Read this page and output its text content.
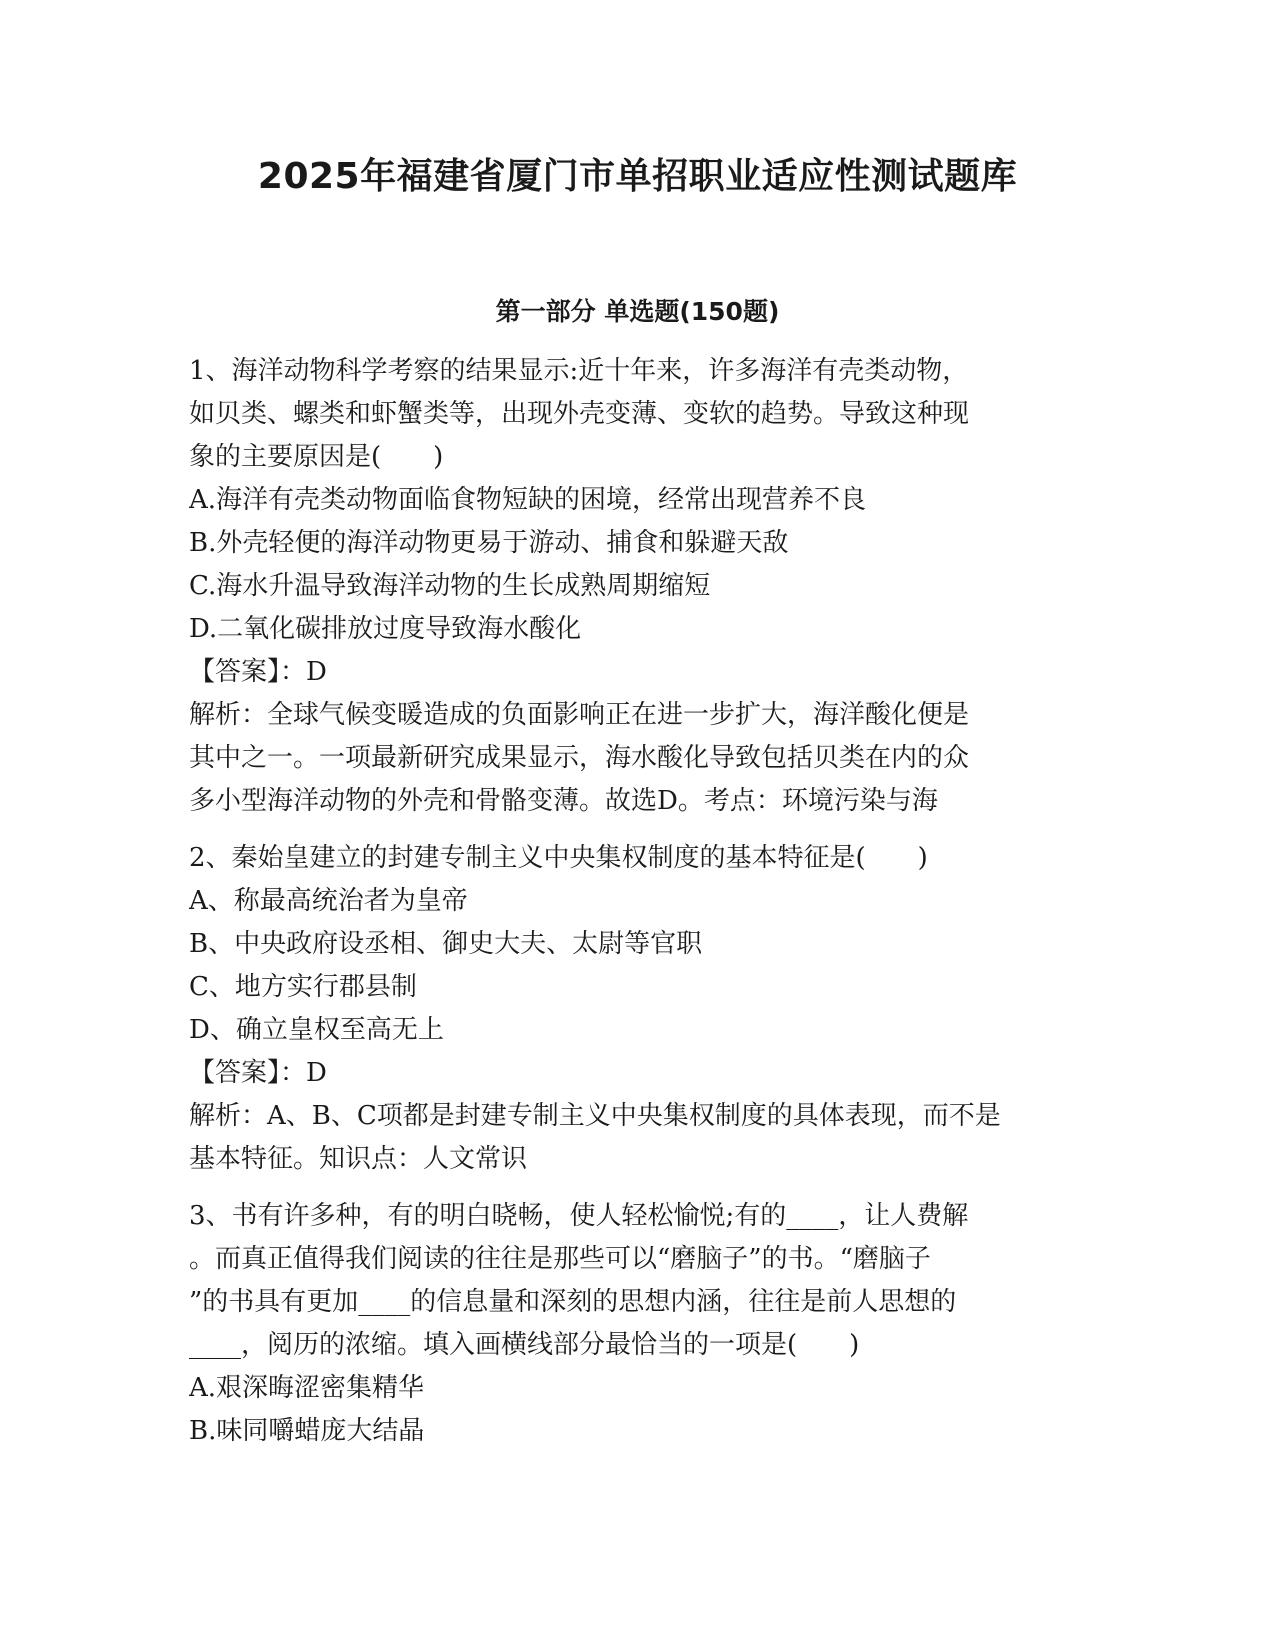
2025年福建省厦门市单招职业适应性测试题库
第一部分 单选题(150题)
1、海洋动物科学考察的结果显示:近十年来，许多海洋有壳类动物，
如贝类、螺类和虾蟹类等，出现外壳变薄、变软的趋势。导致这种现
象的主要原因是(　　)
A.海洋有壳类动物面临食物短缺的困境，经常出现营养不良
B.外壳轻便的海洋动物更易于游动、捕食和躲避天敌
C.海水升温导致海洋动物的生长成熟周期缩短
D.二氧化碳排放过度导致海水酸化
【答案】：D
解析：全球气候变暖造成的负面影响正在进一步扩大，海洋酸化便是
其中之一。一项最新研究成果显示，海水酸化导致包括贝类在内的众
多小型海洋动物的外壳和骨骼变薄。故选D。考点：环境污染与海
2、秦始皇建立的封建专制主义中央集权制度的基本特征是(　　)
A、称最高统治者为皇帝
B、中央政府设丞相、御史大夫、太尉等官职
C、地方实行郡县制
D、确立皇权至高无上
【答案】：D
解析：A、B、C项都是封建专制主义中央集权制度的具体表现，而不是
基本特征。知识点：人文常识
3、书有许多种，有的明白晓畅，使人轻松愉悦;有的____，让人费解
。而真正值得我们阅读的往往是那些可以“磨脑子”的书。“磨脑子
”的书具有更加____的信息量和深刻的思想内涵，往往是前人思想的
____，阅历的浓缩。填入画横线部分最恰当的一项是(　　)
A.艰深晦涩密集精华
B.味同嚼蜡庞大结晶
